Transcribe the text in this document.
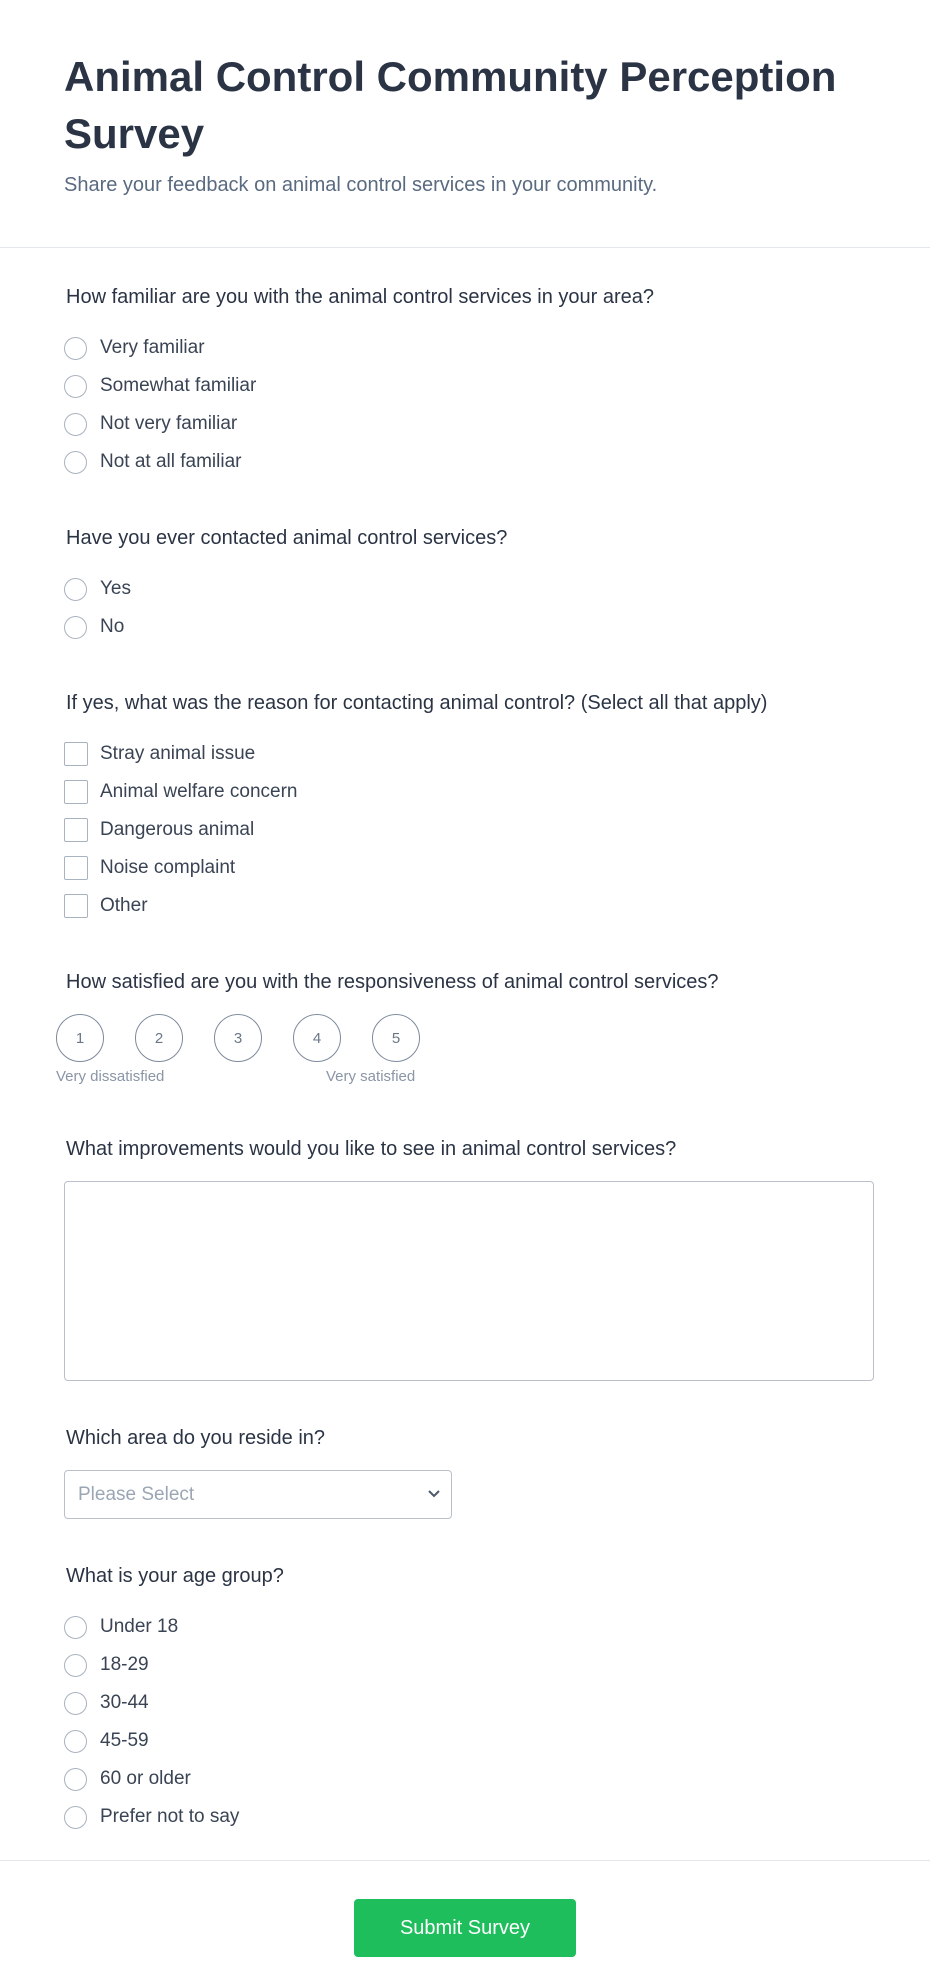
Animal Control Community Perception Survey
Share your feedback on animal control services in your community.
How familiar are you with the animal control services in your area?
Very familiar
Somewhat familiar
Not very familiar
Not at all familiar
Have you ever contacted animal control services?
Yes
No
If yes, what was the reason for contacting animal control? (Select all that apply)
Stray animal issue
Animal welfare concern
Dangerous animal
Noise complaint
Other
How satisfied are you with the responsiveness of animal control services?
1	2	3	4	5
Very dissatisfied	Very satisfied
What improvements would you like to see in animal control services?
Which area do you reside in?
Please Select
What is your age group?
Under 18
18-29
30-44
45-59
60 or older
Prefer not to say
Submit Survey
